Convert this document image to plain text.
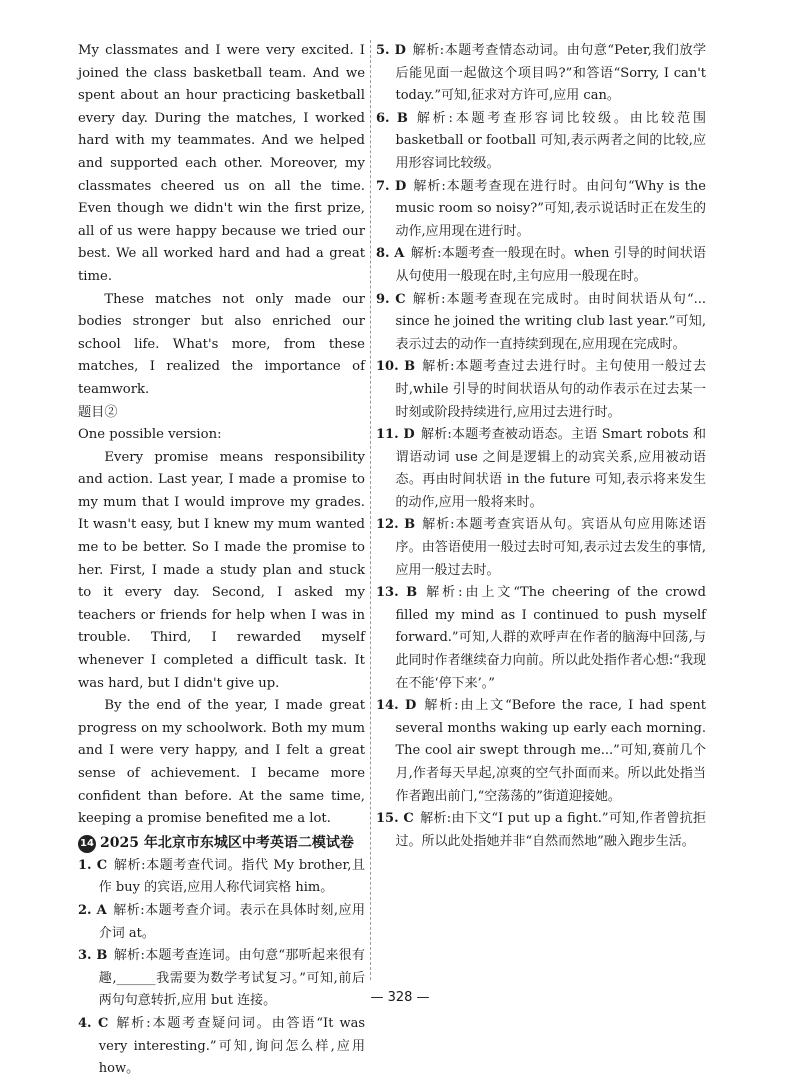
My classmates and I were very excited. I joined the class basketball team. And we spent about an hour practicing basketball every day. During the matches, I worked hard with my teammates. And we helped and supported each other. Moreover, my classmates cheered us on all the time. Even though we didn't win the first prize, all of us were happy because we tried our best. We all worked hard and had a great time.

These matches not only made our bodies stronger but also enriched our school life. What's more, from these matches, I realized the importance of teamwork.

题目②

One possible version:

Every promise means responsibility and action. Last year, I made a promise to my mum that I would improve my grades. It wasn't easy, but I knew my mum wanted me to be better. So I made the promise to her. First, I made a study plan and stuck to it every day. Second, I asked my teachers or friends for help when I was in trouble. Third, I rewarded myself whenever I completed a difficult task. It was hard, but I didn't give up.

By the end of the year, I made great progress on my schoolwork. Both my mum and I were very happy, and I felt a great sense of achievement. I became more confident than before. At the same time, keeping a promise benefited me a lot.

14 2025 年北京市东城区中考英语二模试卷
1. C 解析:本题考查代词。指代 My brother,且作 buy 的宾语,应用人称代词宾格 him。
2. A 解析:本题考查介词。表示在具体时刻,应用介词 at。
3. B 解析:本题考查连词。由句意“那听起来很有趣,______我需要为数学考试复习。”可知,前后两句句意转折,应用 but 连接。
4. C 解析:本题考查疑问词。由答语“It was very interesting.”可知,询问怎么样,应用 how。
5. D 解析:本题考查情态动词。由句意“Peter,我们放学后能见面一起做这个项目吗?”和答语“Sorry, I can't today.”可知,征求对方许可,应用 can。
6. B 解析:本题考查形容词比较级。由比较范围 basketball or football 可知,表示两者之间的比较,应用形容词比较级。
7. D 解析:本题考查现在进行时。由问句“Why is the music room so noisy?”可知,表示说话时正在发生的动作,应用现在进行时。
8. A 解析:本题考查一般现在时。when 引导的时间状语从句使用一般现在时,主句应用一般现在时。
9. C 解析:本题考查现在完成时。由时间状语从句“... since he joined the writing club last year.”可知,表示过去的动作一直持续到现在,应用现在完成时。
10. B 解析:本题考查过去进行时。主句使用一般过去时,while 引导的时间状语从句的动作表示在过去某一时刻或阶段持续进行,应用过去进行时。
11. D 解析:本题考查被动语态。主语 Smart robots 和谓语动词 use 之间是逻辑上的动宾关系,应用被动语态。再由时间状语 in the future 可知,表示将来发生的动作,应用一般将来时。
12. B 解析:本题考查宾语从句。宾语从句应用陈述语序。由答语使用一般过去时可知,表示过去发生的事情,应用一般过去时。
13. B 解析:由上文“The cheering of the crowd filled my mind as I continued to push myself forward.”可知,人群的欢呼声在作者的脑海中回荡,与此同时作者继续奋力向前。所以此处指作者心想:“我现在不能‘停下来’。”
14. D 解析:由上文“Before the race, I had spent several months waking up early each morning. The cool air swept through me...”可知,赛前几个月,作者每天早起,凉爽的空气扑面而来。所以此处指当作者跑出前门,“空荡荡的”街道迎接她。
15. C 解析:由下文“I put up a fight.”可知,作者曾抗拒过。所以此处指她并非“自然而然地”融入跑步生活。
— 328 —
